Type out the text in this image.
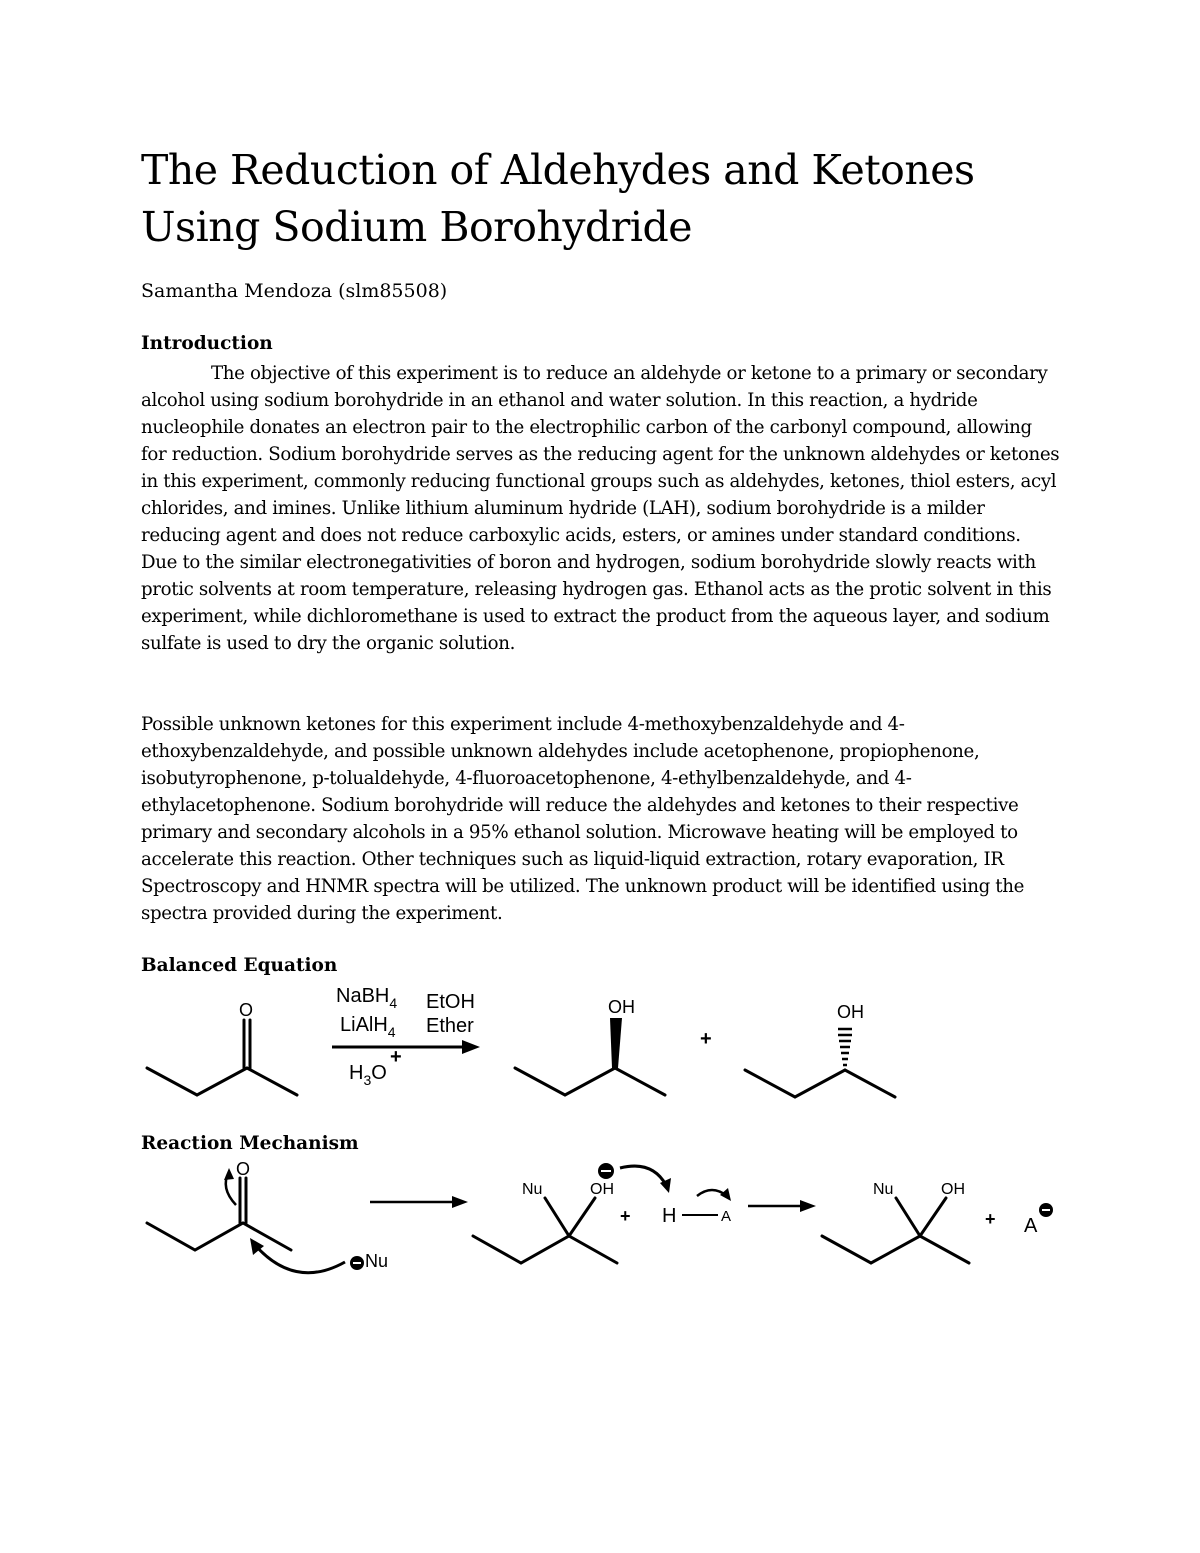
The Reduction of Aldehydes and Ketones Using Sodium Borohydride

Samantha Mendoza (slm85508)

Introduction

The objective of this experiment is to reduce an aldehyde or ketone to a primary or secondary alcohol using sodium borohydride in an ethanol and water solution. In this reaction, a hydride nucleophile donates an electron pair to the electrophilic carbon of the carbonyl compound, allowing for reduction. Sodium borohydride serves as the reducing agent for the unknown aldehydes or ketones in this experiment, commonly reducing functional groups such as aldehydes, ketones, thiol esters, acyl chlorides, and imines. Unlike lithium aluminum hydride (LAH), sodium borohydride is a milder reducing agent and does not reduce carboxylic acids, esters, or amines under standard conditions. Due to the similar electronegativities of boron and hydrogen, sodium borohydride slowly reacts with protic solvents at room temperature, releasing hydrogen gas. Ethanol acts as the protic solvent in this experiment, while dichloromethane is used to extract the product from the aqueous layer, and sodium sulfate is used to dry the organic solution.

Possible unknown ketones for this experiment include 4-methoxybenzaldehyde and 4-ethoxybenzaldehyde, and possible unknown aldehydes include acetophenone, propiophenone, isobutyrophenone, p-tolualdehyde, 4-fluoroacetophenone, 4-ethylbenzaldehyde, and 4-ethylacetophenone. Sodium borohydride will reduce the aldehydes and ketones to their respective primary and secondary alcohols in a 95% ethanol solution. Microwave heating will be employed to accelerate this reaction. Other techniques such as liquid-liquid extraction, rotary evaporation, IR Spectroscopy and HNMR spectra will be utilized. The unknown product will be identified using the spectra provided during the experiment.

Balanced Equation

O
NaBH$_4$
LiAlH$_4$
EtOH
Ether
$H_3O$
+
OH
+
OH

Reaction Mechanism

O
Nu
Nu	OH
+ H	A
Nu	OH
+ A
